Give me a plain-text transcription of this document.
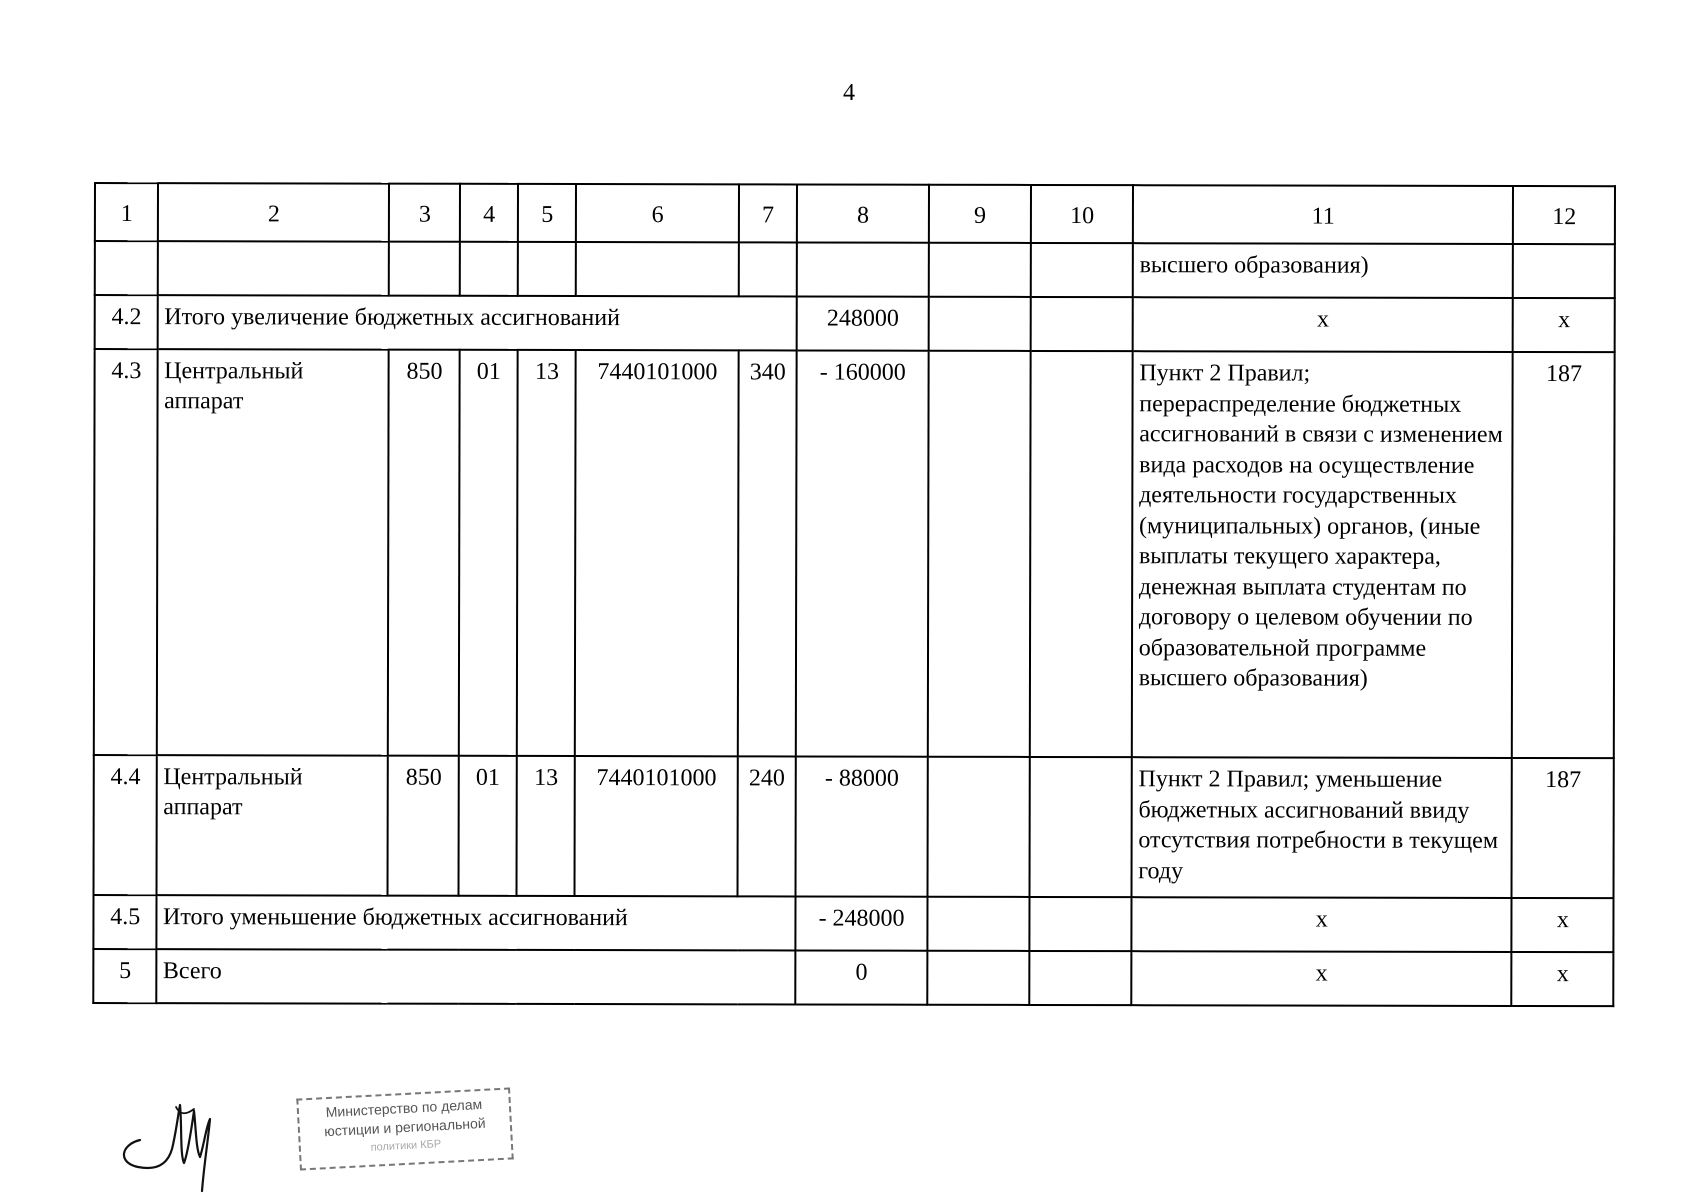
4
1	2	3	4	5	6	7	8	9	10	11	12
										высшего образования)	
4.2	Итого увеличение бюджетных ассигнований						248000			x	x
4.3	Центральный аппарат	850	01	13	7440101000	340	- 160000			Пункт 2 Правил; перераспределение бюджетных ассигнований в связи с изменением вида расходов на осуществление деятельности государственных (муниципальных) органов, (иные выплаты текущего характера, денежная выплата студентам по договору о целевом обучении по образовательной программе высшего образования)	187
4.4	Центральный аппарат	850	01	13	7440101000	240	- 88000			Пункт 2 Правил; уменьшение бюджетных ассигнований ввиду отсутствия потребности в текущем году	187
4.5	Итого уменьшение бюджетных ассигнований						- 248000			x	x
5	Всего						0			x	x
Министерство по делам
юстиции и региональной
политики КБР
